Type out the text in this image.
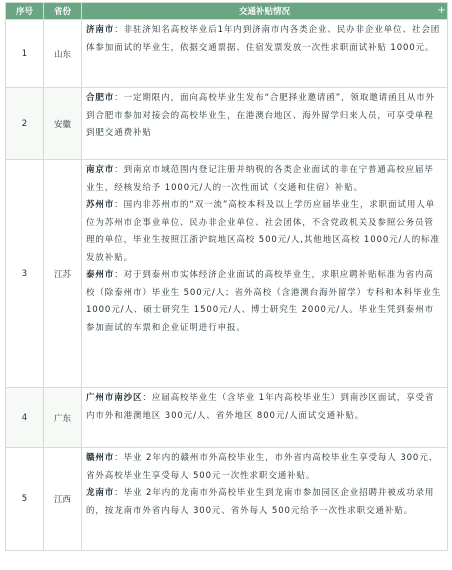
序号	省份	交通补贴情况
1	山东	济南市：非驻济知名高校毕业后1年内到济南市内各类企业、民办非企业单位、社会团体参加面试的毕业生，依据交通票据、住宿发票发放一次性求职面试补贴 1000元。

2	安徽	合肥市：一定期限内，面向高校毕业生发布“合肥择业邀请函”，领取邀请函且从市外到合肥市参加对接会的高校毕业生，在港澳台地区、海外留学归来人员，可享受单程到肥交通费补贴

3	江苏	南京市：到南京市域范围内登记注册并纳税的各类企业面试的非在宁普通高校应届毕业生，经核发给予 1000元/人的一次性面试（交通和住宿）补贴。

苏州市：国内非苏州市的“双一流”高校本科及以上学历应届毕业生，求职面试用人单位为苏州市企事业单位、民办非企业单位、社会团体，不含党政机关及参照公务员管理的单位，毕业生按照江浙沪皖地区高校 500元/人,其他地区高校 1000元/人的标准发放补贴。

泰州市：对于到泰州市实体经济企业面试的高校毕业生，求职应聘补贴标准为省内高校（除泰州市）毕业生 500元/人；省外高校（含港澳台海外留学）专科和本科毕业生 1000元/人、硕士研究生 1500元/人、博士研究生 2000元/人。毕业生凭到泰州市参加面试的车票和企业证明进行申报。

4	广东	广州市南沙区：应届高校毕业生（含毕业 1年内高校毕业生）到南沙区面试，享受省内市外和港澳地区 300元/人、省外地区 800元/人面试交通补贴。

5	江西	赣州市：毕业 2年内的赣州市外高校毕业生，市外省内高校毕业生享受每人 300元、省外高校毕业生享受每人 500元一次性求职交通补贴。

龙南市：毕业 2年内的龙南市外高校毕业生到龙南市参加园区企业招聘并被成功录用的，按龙南市外省内每人 300元、省外每人 500元给予一次性求职交通补贴。

+
